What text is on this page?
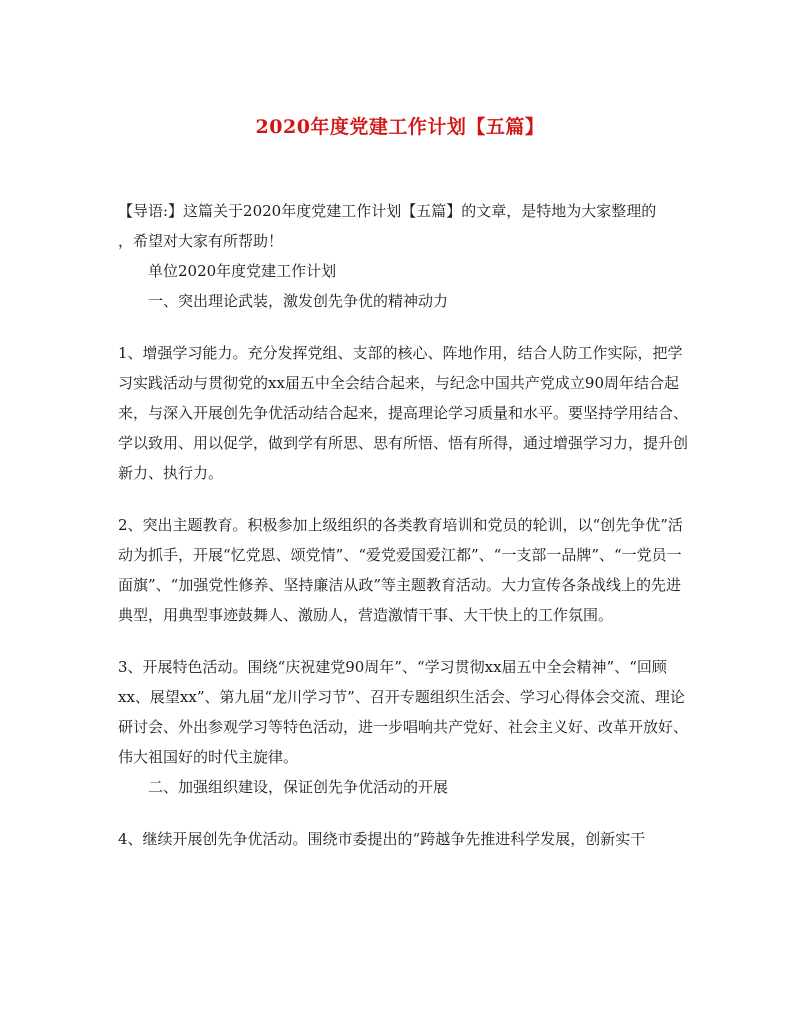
2020年度党建工作计划【五篇】

【导语:】这篇关于2020年度党建工作计划【五篇】的文章，是特地为大家整理的

，希望对大家有所帮助！

单位2020年度党建工作计划

一、突出理论武装，激发创先争优的精神动力

1、增强学习能力。充分发挥党组、支部的核心、阵地作用，结合人防工作实际，把学习实践活动与贯彻党的xx届五中全会结合起来，与纪念中国共产党成立90周年结合起来，与深入开展创先争优活动结合起来，提高理论学习质量和水平。要坚持学用结合、学以致用、用以促学，做到学有所思、思有所悟、悟有所得，通过增强学习力，提升创新力、执行力。

2、突出主题教育。积极参加上级组织的各类教育培训和党员的轮训，以“创先争优”活动为抓手，开展“忆党恩、颂党情”、“爱党爱国爱江都”、“一支部一品牌”、“一党员一面旗”、“加强党性修养、坚持廉洁从政”等主题教育活动。大力宣传各条战线上的先进典型，用典型事迹鼓舞人、激励人，营造激情干事、大干快上的工作氛围。

3、开展特色活动。围绕“庆祝建党90周年”、“学习贯彻xx届五中全会精神”、“回顾xx、展望xx”、第九届“龙川学习节”、召开专题组织生活会、学习心得体会交流、理论研讨会、外出参观学习等特色活动，进一步唱响共产党好、社会主义好、改革开放好、伟大祖国好的时代主旋律。

二、加强组织建设，保证创先争优活动的开展

4、继续开展创先争优活动。围绕市委提出的“跨越争先推进科学发展，创新实干
